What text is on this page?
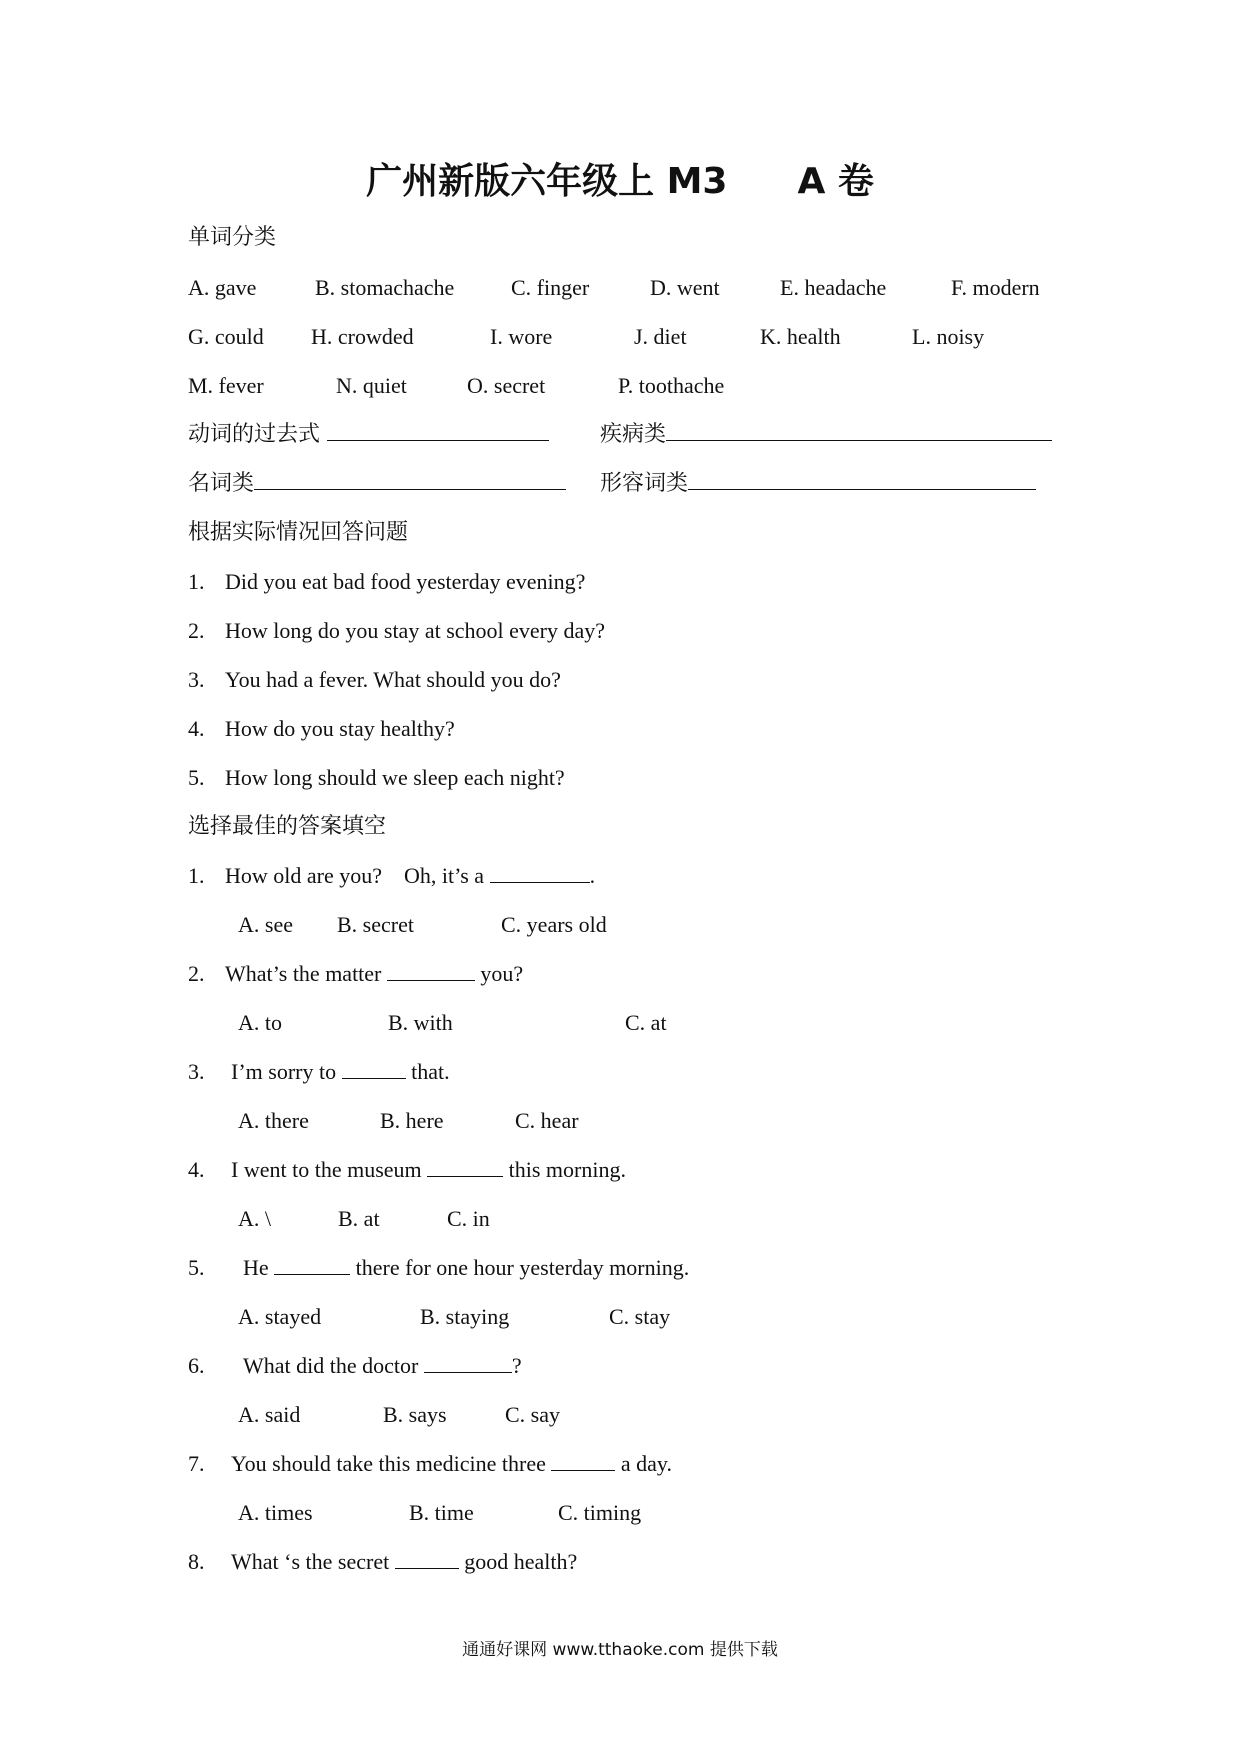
广州新版六年级上 M3 A 卷
单词分类
A. gave	B. stomachache	C. finger	D. went	E. headache	F. modern
G. could H. crowded	I. wore	J. diet	K. health	L. noisy
M. fever	N. quiet	O. secret	P. toothache
动词的过去式	疾病类
名词类	形容词类
根据实际情况回答问题
1. Did you eat bad food yesterday evening?
2. How long do you stay at school every day?
3. You had a fever. What should you do?
4. How do you stay healthy?
5. How long should we sleep each night?
选择最佳的答案填空
1. How old are you?    Oh, it’s a	.
A. see B. secret	C. years old
2. What’s the matter	you?
A. to	B. with	C. at
3. I’m sorry to	that.
A. there	B. here	C. hear
4. I went to the museum	this morning.
A. \	B. at	C. in
5. He	there for one hour yesterday morning.
A. stayed	B. staying	C. stay
6. What did the doctor	?
A. said	B. says	C. say
7. You should take this medicine three	a day.
A. times	B. time	C. timing
8. What ‘s the secret	good health?
通通好课网 www.tthaoke.com 提供下载
